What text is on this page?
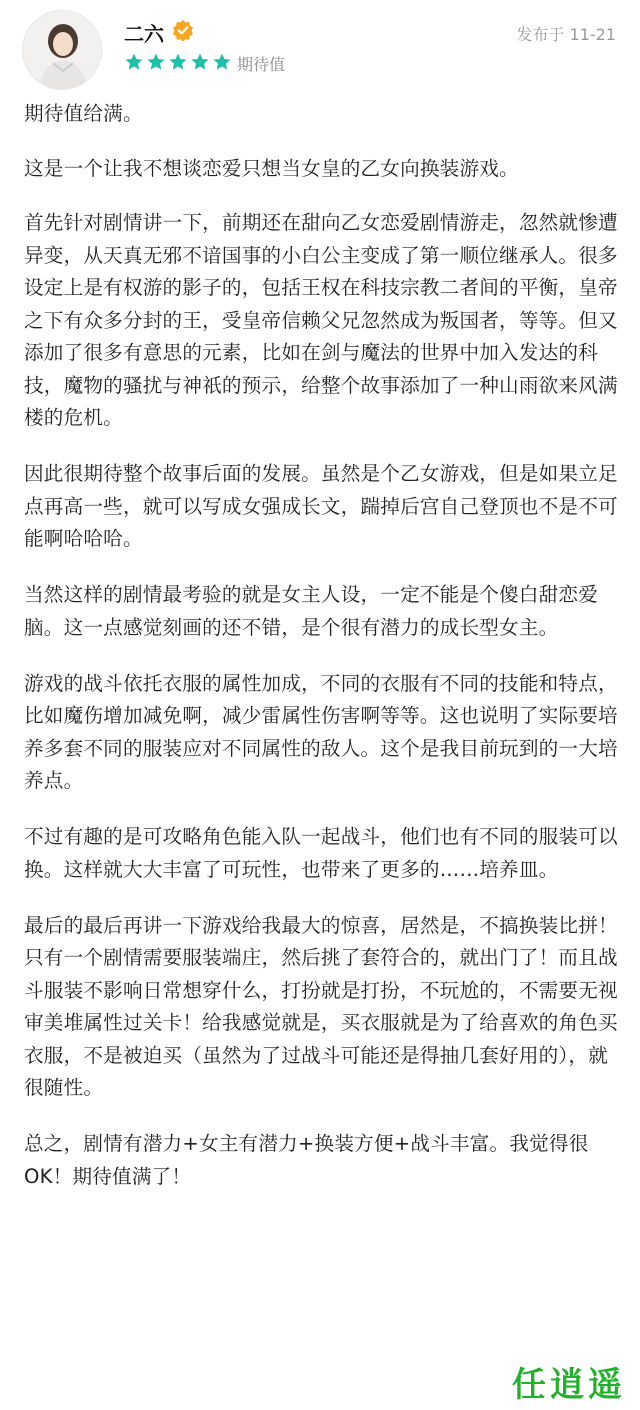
二六
期待值
发布于 11-21

期待值给满。

这是一个让我不想谈恋爱只想当女皇的乙女向换装游戏。

首先针对剧情讲一下，前期还在甜向乙女恋爱剧情游走，忽然就惨遭异变，从天真无邪不谙国事的小白公主变成了第一顺位继承人。很多设定上是有权游的影子的，包括王权在科技宗教二者间的平衡，皇帝之下有众多分封的王，受皇帝信赖父兄忽然成为叛国者，等等。但又添加了很多有意思的元素，比如在剑与魔法的世界中加入发达的科技，魔物的骚扰与神祇的预示，给整个故事添加了一种山雨欲来风满楼的危机。

因此很期待整个故事后面的发展。虽然是个乙女游戏，但是如果立足点再高一些，就可以写成女强成长文，踹掉后宫自己登顶也不是不可能啊哈哈哈。

当然这样的剧情最考验的就是女主人设，一定不能是个傻白甜恋爱脑。这一点感觉刻画的还不错，是个很有潜力的成长型女主。

游戏的战斗依托衣服的属性加成，不同的衣服有不同的技能和特点，比如魔伤增加减免啊，减少雷属性伤害啊等等。这也说明了实际要培养多套不同的服装应对不同属性的敌人。这个是我目前玩到的一大培养点。

不过有趣的是可攻略角色能入队一起战斗，他们也有不同的服装可以换。这样就大大丰富了可玩性，也带来了更多的……培养皿。

最后的最后再讲一下游戏给我最大的惊喜，居然是，不搞换装比拼！只有一个剧情需要服装端庄，然后挑了套符合的，就出门了！而且战斗服装不影响日常想穿什么，打扮就是打扮，不玩尬的，不需要无视审美堆属性过关卡！给我感觉就是，买衣服就是为了给喜欢的角色买衣服，不是被迫买（虽然为了过战斗可能还是得抽几套好用的），就很随性。

总之，剧情有潜力+女主有潜力+换装方便+战斗丰富。我觉得很OK！期待值满了！

任逍遥
